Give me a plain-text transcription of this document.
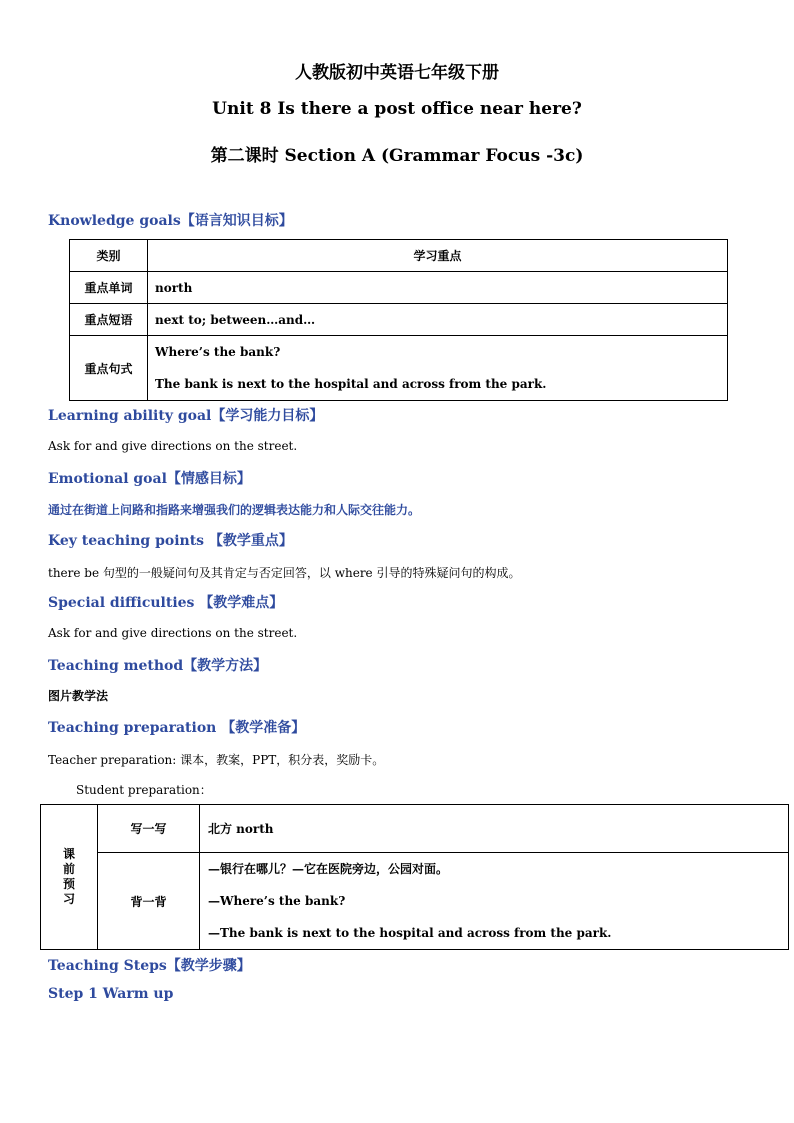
人教版初中英语七年级下册
Unit 8 Is there a post office near here?
第二课时 Section A (Grammar Focus -3c)
Knowledge goals【语言知识目标】
类别	学习重点
重点单词	north
重点短语	next to; between…and…
重点句式	Where’s the bank?
The bank is next to the hospital and across from the park.
Learning ability goal【学习能力目标】
Ask for and give directions on the street.
Emotional goal【情感目标】
通过在街道上问路和指路来增强我们的逻辑表达能力和人际交往能力。
Key teaching points 【教学重点】
there be 句型的一般疑问句及其肯定与否定回答，以 where 引导的特殊疑问句的构成。
Special difficulties 【教学难点】
Ask for and give directions on the street.
Teaching method【教学方法】
图片教学法
Teaching preparation 【教学准备】
Teacher preparation: 课本，教案，PPT，积分表，奖励卡。
Student preparation：
课
前
预
习	写一写	北方 north
	背一背	—银行在哪儿？—它在医院旁边，公园对面。
—Where’s the bank?
—The bank is next to the hospital and across from the park.
Teaching Steps【教学步骤】
Step 1 Warm up
